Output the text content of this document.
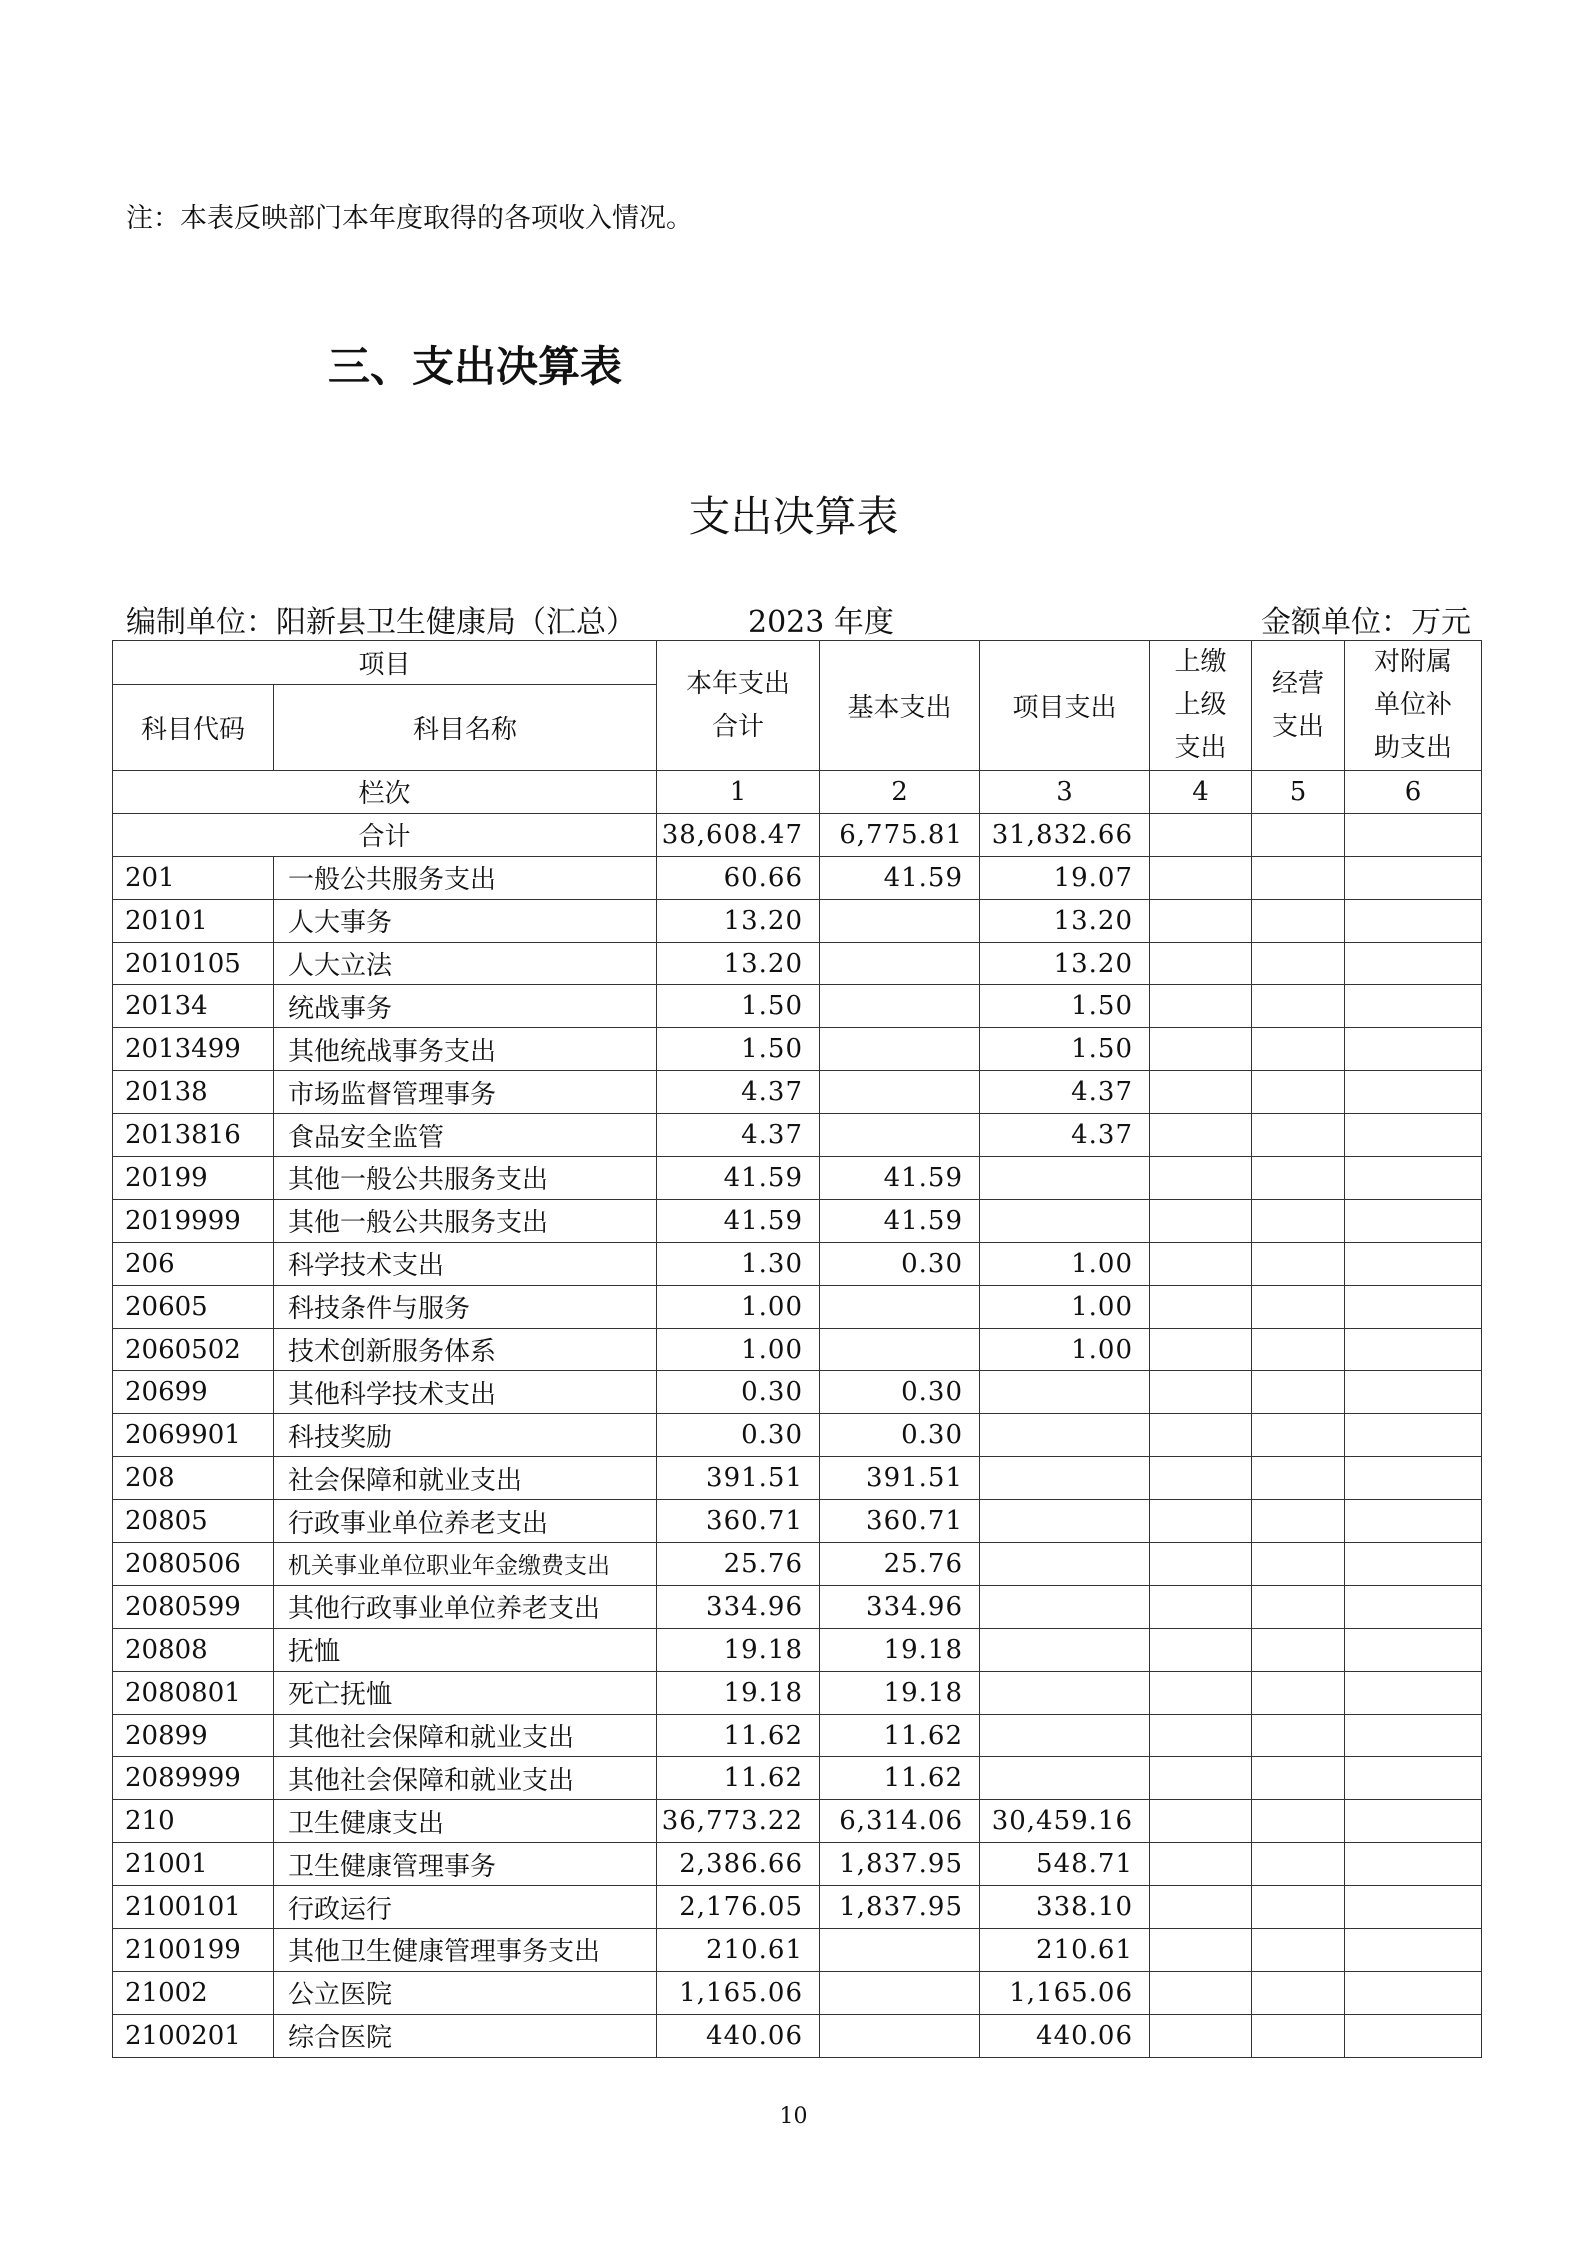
注：本表反映部门本年度取得的各项收入情况。
三、支出决算表
支出决算表
编制单位：阳新县卫生健康局（汇总）	2023 年度	金额单位：万元
项目		本年支出合计	基本支出	项目支出	上缴上级支出	经营支出	对附属单位补助支出

科目代码	科目名称						
栏次		1	2	3	4	5	6
合计		38,608.47	6,775.81	31,832.66			
201	一般公共服务支出	60.66	41.59	19.07			
20101	人大事务	13.20		13.20			
2010105	人大立法	13.20		13.20			
20134	统战事务	1.50		1.50			
2013499	其他统战事务支出	1.50		1.50			
20138	市场监督管理事务	4.37		4.37			
2013816	食品安全监管	4.37		4.37			
20199	其他一般公共服务支出	41.59	41.59				
2019999	其他一般公共服务支出	41.59	41.59				
206	科学技术支出	1.30	0.30	1.00			
20605	科技条件与服务	1.00		1.00			
2060502	技术创新服务体系	1.00		1.00			
20699	其他科学技术支出	0.30	0.30				
2069901	科技奖励	0.30	0.30				
208	社会保障和就业支出	391.51	391.51				
20805	行政事业单位养老支出	360.71	360.71				
2080506	机关事业单位职业年金缴费支出	25.76	25.76				
2080599	其他行政事业单位养老支出	334.96	334.96				
20808	抚恤	19.18	19.18				
2080801	死亡抚恤	19.18	19.18				
20899	其他社会保障和就业支出	11.62	11.62				
2089999	其他社会保障和就业支出	11.62	11.62				
210	卫生健康支出	36,773.22	6,314.06	30,459.16			
21001	卫生健康管理事务	2,386.66	1,837.95	548.71			
2100101	行政运行	2,176.05	1,837.95	338.10			
2100199	其他卫生健康管理事务支出	210.61		210.61			
21002	公立医院	1,165.06		1,165.06			
2100201	综合医院	440.06		440.06			
10
